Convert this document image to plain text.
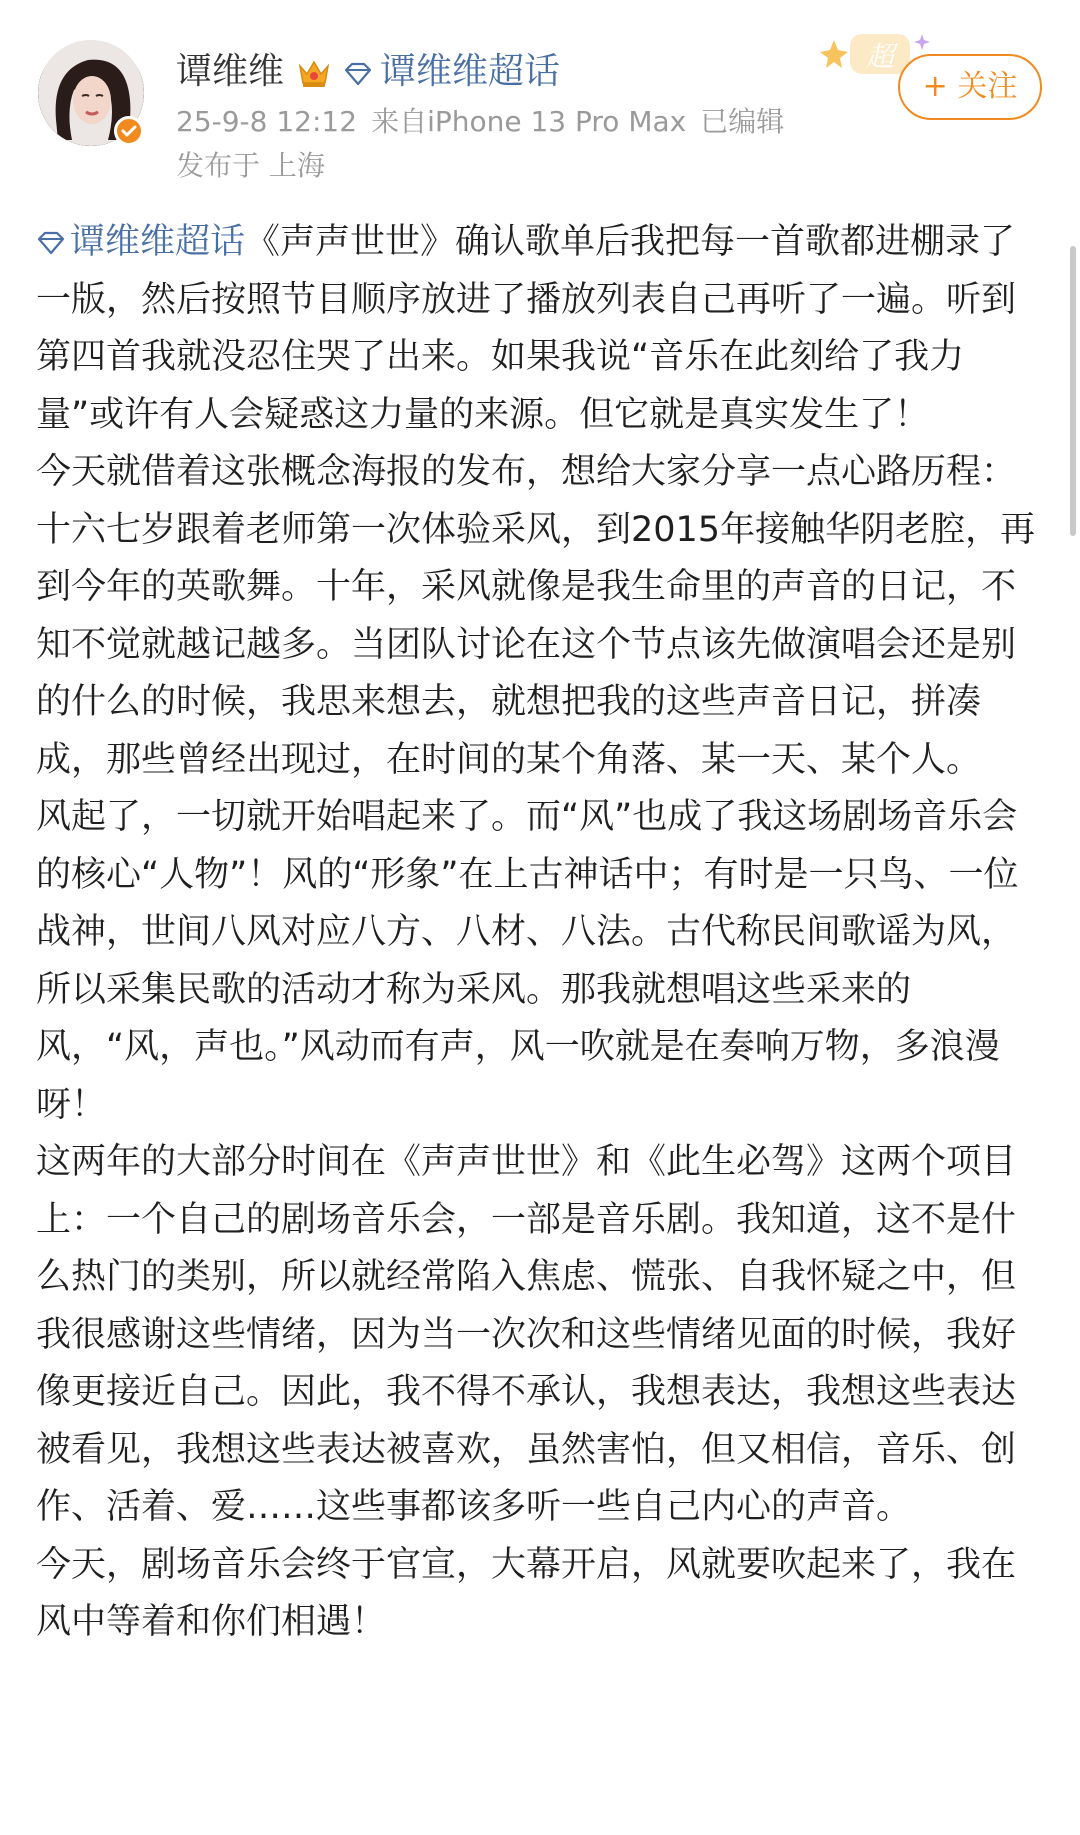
谭维维	谭维维超话
25-9-8 12:12 来自iPhone 13 Pro Max 已编辑
发布于 上海
超
+ 关注

谭维维超话《声声世世》确认歌单后我把每一首歌都进棚录了一版，然后按照节目顺序放进了播放列表自己再听了一遍。听到第四首我就没忍住哭了出来。如果我说“音乐在此刻给了我力量”或许有人会疑惑这力量的来源。但它就是真实发生了！

今天就借着这张概念海报的发布，想给大家分享一点心路历程：十六七岁跟着老师第一次体验采风，到2015年接触华阴老腔，再到今年的英歌舞。十年，采风就像是我生命里的声音的日记，不知不觉就越记越多。当团队讨论在这个节点该先做演唱会还是别的什么的时候，我思来想去，就想把我的这些声音日记，拼凑成，那些曾经出现过，在时间的某个角落、某一天、某个人。

风起了，一切就开始唱起来了。而“风”也成了我这场剧场音乐会的核心“人物”！风的“形象”在上古神话中；有时是一只鸟、一位战神，世间八风对应八方、八材、八法。古代称民间歌谣为风，所以采集民歌的活动才称为采风。那我就想唱这些采来的风，“风，声也。”风动而有声，风一吹就是在奏响万物，多浪漫呀！

这两年的大部分时间在《声声世世》和《此生必驾》这两个项目上：一个自己的剧场音乐会，一部是音乐剧。我知道，这不是什么热门的类别，所以就经常陷入焦虑、慌张、自我怀疑之中，但我很感谢这些情绪，因为当一次次和这些情绪见面的时候，我好像更接近自己。因此，我不得不承认，我想表达，我想这些表达被看见，我想这些表达被喜欢，虽然害怕，但又相信，音乐、创作、活着、爱……这些事都该多听一些自己内心的声音。

今天，剧场音乐会终于官宣，大幕开启，风就要吹起来了，我在风中等着和你们相遇！
